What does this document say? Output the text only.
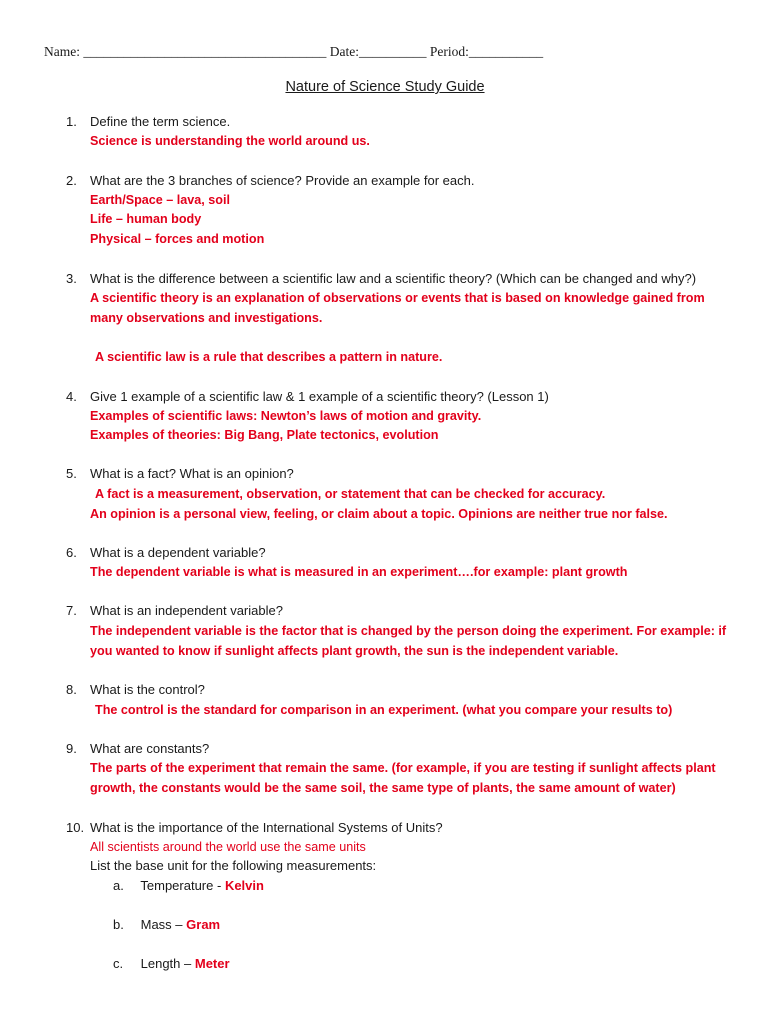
Name: ____________________________________ Date:__________ Period:___________
Nature of Science Study Guide
1.	Define the term science.
Science is understanding the world around us.
2.	What are the 3 branches of science? Provide an example for each.
Earth/Space – lava, soil
Life – human body
Physical – forces and motion
3.	What is the difference between a scientific law and a scientific theory? (Which can be changed and why?)
A scientific theory is an explanation of observations or events that is based on knowledge gained from many observations and investigations.
A scientific law is a rule that describes a pattern in nature.
4.	Give 1 example of a scientific law & 1 example of a scientific theory? (Lesson 1)
Examples of scientific laws: Newton’s laws of motion and gravity.
Examples of theories: Big Bang, Plate tectonics, evolution
5.	What is a fact? What is an opinion?
A fact is a measurement, observation, or statement that can be checked for accuracy.
An opinion is a personal view, feeling, or claim about a topic. Opinions are neither true nor false.
6.	What is a dependent variable?
The dependent variable is what is measured in an experiment….for example: plant growth
7.	What is an independent variable?
The independent variable is the factor that is changed by the person doing the experiment. For example: if you wanted to know if sunlight affects plant growth, the sun is the independent variable.
8.	What is the control?
The control is the standard for comparison in an experiment. (what you compare your results to)
9.	What are constants?
The parts of the experiment that remain the same. (for example, if you are testing if sunlight affects plant growth, the constants would be the same soil, the same type of plants, the same amount of water)
10. What is the importance of the International Systems of Units?
All scientists around the world use the same units
List the base unit for the following measurements:
a. Temperature - Kelvin
b. Mass – Gram
c. Length – Meter
